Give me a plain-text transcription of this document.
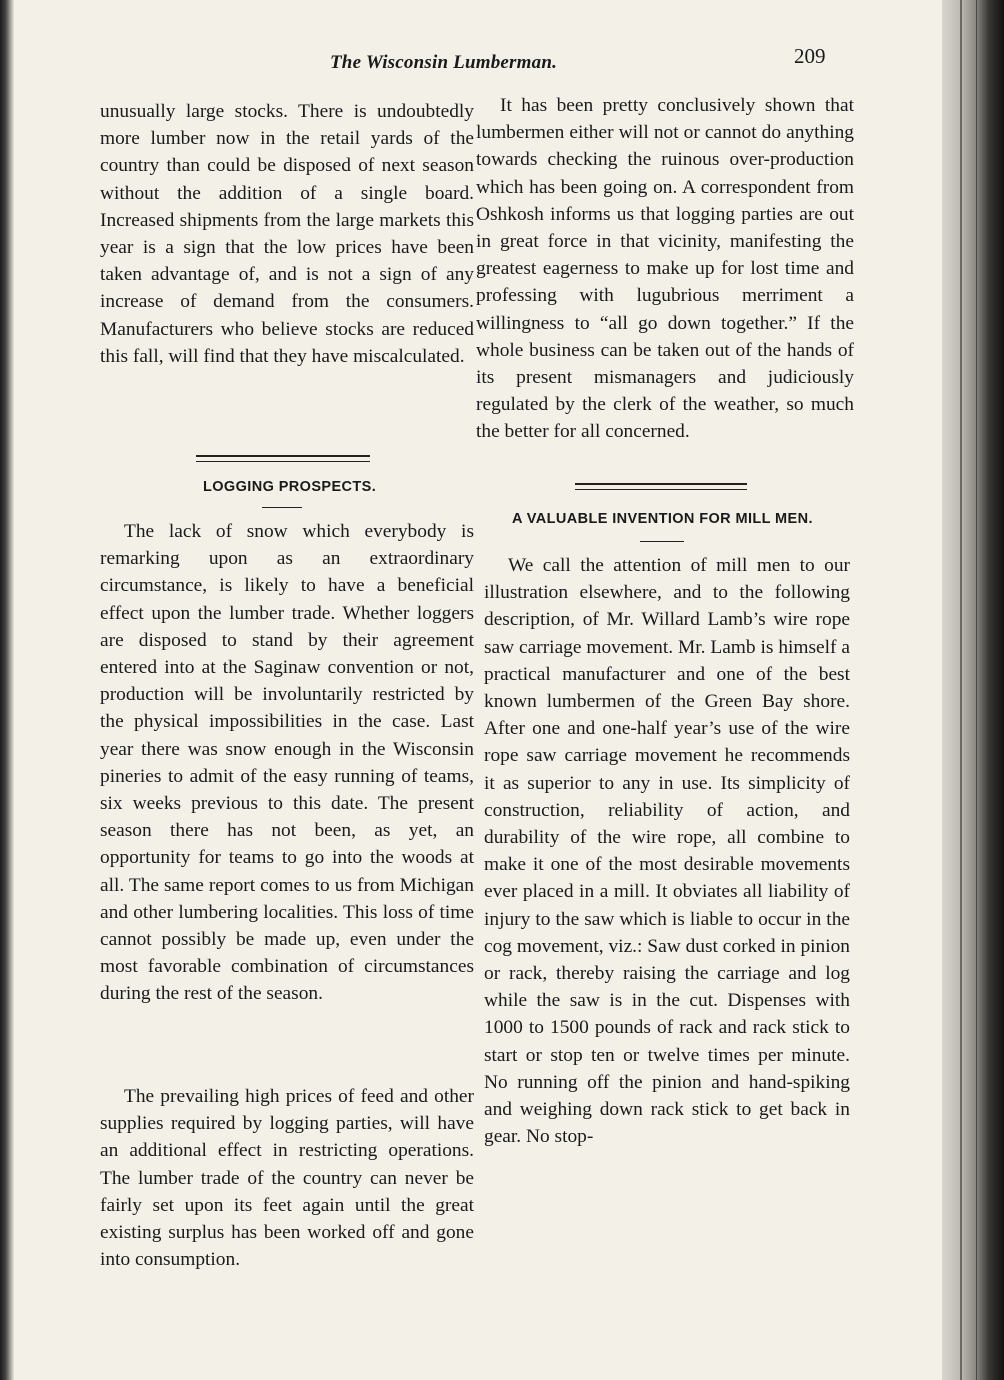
The Wisconsin Lumberman.	209

unusually large stocks. There is undoubtedly more lumber now in the retail yards of the country than could be disposed of next season without the addition of a single board. Increased shipments from the large markets this year is a sign that the low prices have been taken advantage of, and is not a sign of any increase of demand from the consumers. Manufacturers who believe stocks are reduced this fall, will find that they have miscalculated.

LOGGING PROSPECTS.

The lack of snow which everybody is remarking upon as an extraordinary circumstance, is likely to have a beneficial effect upon the lumber trade. Whether loggers are disposed to stand by their agreement entered into at the Saginaw convention or not, production will be involuntarily restricted by the physical impossibilities in the case. Last year there was snow enough in the Wisconsin pineries to admit of the easy running of teams, six weeks previous to this date. The present season there has not been, as yet, an opportunity for teams to go into the woods at all. The same report comes to us from Michigan and other lumbering localities. This loss of time cannot possibly be made up, even under the most favorable combination of circumstances during the rest of the season.

The prevailing high prices of feed and other supplies required by logging parties, will have an additional effect in restricting operations. The lumber trade of the country can never be fairly set upon its feet again until the great existing surplus has been worked off and gone into consumption.

It has been pretty conclusively shown that lumbermen either will not or cannot do anything towards checking the ruinous over-production which has been going on. A correspondent from Oshkosh informs us that logging parties are out in great force in that vicinity, manifesting the greatest eagerness to make up for lost time and professing with lugubrious merriment a willingness to “all go down together.” If the whole business can be taken out of the hands of its present mismanagers and judiciously regulated by the clerk of the weather, so much the better for all concerned.

A VALUABLE INVENTION FOR MILL MEN.

We call the attention of mill men to our illustration elsewhere, and to the following description, of Mr. Willard Lamb’s wire rope saw carriage movement. Mr. Lamb is himself a practical manufacturer and one of the best known lumbermen of the Green Bay shore. After one and one-half year’s use of the wire rope saw carriage movement he recommends it as superior to any in use. Its simplicity of construction, reliability of action, and durability of the wire rope, all combine to make it one of the most desirable movements ever placed in a mill. It obviates all liability of injury to the saw which is liable to occur in the cog movement, viz.: Saw dust corked in pinion or rack, thereby raising the carriage and log while the saw is in the cut. Dispenses with 1000 to 1500 pounds of rack and rack stick to start or stop ten or twelve times per minute. No running off the pinion and hand-spiking and weighing down rack stick to get back in gear. No stop-
